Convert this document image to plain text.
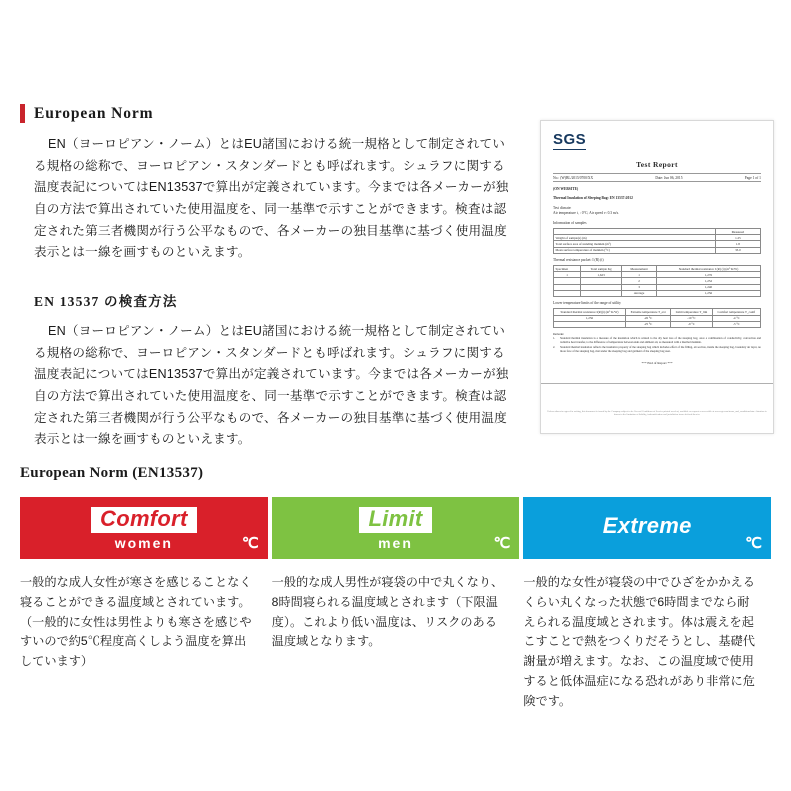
European Norm
EN（ヨーロピアン・ノーム）とはEU諸国における統一規格として制定されている規格の総称で、ヨーロピアン・スタンダードとも呼ばれます。シュラフに関する温度表記についてはEN13537で算出が定義されています。今までは各メーカーが独自の方法で算出されていた使用温度を、同一基準で示すことができます。検査は認定された第三者機関が行う公平なもので、各メーカーの独目基準に基づく使用温度表示とは一線を画すものといえます。
EN 13537 の検査方法
EN（ヨーロピアン・ノーム）とはEU諸国における統一規格として制定されている規格の総称で、ヨーロピアン・スタンダードとも呼ばれます。シュラフに関する温度表記についてはEN13537で算出が定義されています。今までは各メーカーが独自の方法で算出されていた使用温度を、同一基準で示すことができます。検査は認定された第三者機関が行う公平なもので、各メーカーの独目基準に基づく使用温度表示とは一線を画すものといえます。
SGS
Test Report
No.: (W)BL/2015/0700/XX	Date: Jun 06, 2015	Page 1 of 1
(ON WEBSITE)
Thermal Insulation of Sleeping Bag: EN 13537:2012
Test climate:
Air temperature t₁ : 0°C; Air speed v: 0.3 m/s.
Information of samples
	Measured
Weight of sample(s) (m)	1.25
Total surface area of standing manikin (m²)	1.8
Mean surface temperature of manikin (°C)	33.0
Thermal resistance packet: I (R) (t)
Specimen	Total sample Kg	Measurement	Standard thermal resistance I (R) (t) (m²·K/W)
1	1,623	1	1,276
		2	1,252
		3	1,240
		Average	1,256
Lower temperature limits of the range of utility
Standard thermal resistance I(R)(t) (m²·K/W)	Extreme temperature T_ext	Limit temperature T_lim	Comfort temperature T_comf
1,256	-26 °C	-10 °C	-4 °C
	-25 °C	-9 °C	-3 °C
Remarks:
1.	Standard thermal insulation is a measure of the insulation which is related to the dry heat loss of the sleeping bag, once a combination of conductivity, convection and radiative heat transfer, to the difference of temperature between skin and ambient air, as measured with a thermal manikin.
2.	Standard thermal insulation reflects the insulative property of the sleeping bag which includes effect of the filling, air section, inside the sleeping bag, boundary air layer, no more face of the sleeping bag, mat under the sleeping bag and garment of the sleeping bag user.
*** End of Report ***
Unless otherwise agreed in writing, this document is issued by the Company subject to its General Conditions of Service printed overleaf, available on request or accessible at www.sgs.com/terms_and_conditions.htm. Attention is drawn to the limitation of liability, indemnification and jurisdiction issues defined therein.
European Norm (EN13537)
Comfort
women	℃
Limit
men	℃
Extreme
℃
一般的な成人女性が寒さを感じることなく寝ることができる温度域とされています。（一般的に女性は男性よりも寒さを感じやすいので約5℃程度高くしよう温度を算出しています）
一般的な成人男性が寝袋の中で丸くなり、8時間寝られる温度域とされます（下限温度）。これより低い温度は、リスクのある温度域となります。
一般的な女性が寝袋の中でひざをかかえるくらい丸くなった状態で6時間までなら耐えられる温度域とされます。体は震えを起こすことで熱をつくりだそうとし、基礎代謝量が増えます。なお、この温度域で使用すると低体温症になる恐れがあり非常に危険です。
